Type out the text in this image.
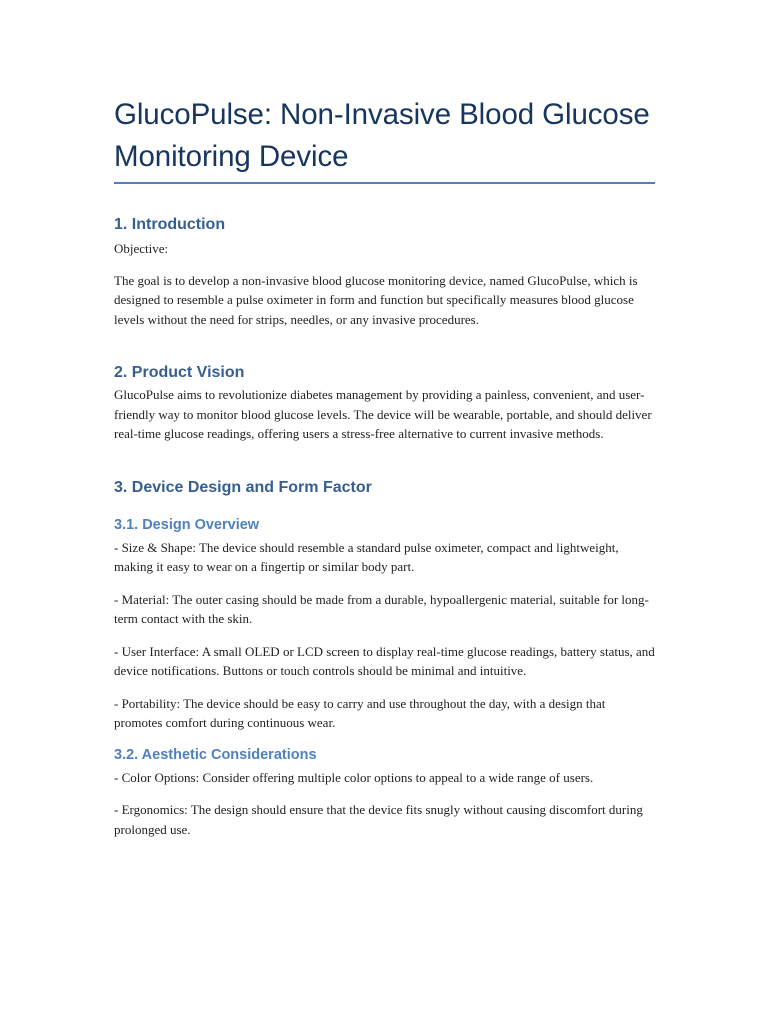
GlucoPulse: Non-Invasive Blood Glucose Monitoring Device
1. Introduction

Objective:

The goal is to develop a non-invasive blood glucose monitoring device, named GlucoPulse, which is designed to resemble a pulse oximeter in form and function but specifically measures blood glucose levels without the need for strips, needles, or any invasive procedures.

2. Product Vision

GlucoPulse aims to revolutionize diabetes management by providing a painless, convenient, and user-friendly way to monitor blood glucose levels. The device will be wearable, portable, and should deliver real-time glucose readings, offering users a stress-free alternative to current invasive methods.

3. Device Design and Form Factor
3.1. Design Overview

- Size & Shape: The device should resemble a standard pulse oximeter, compact and lightweight, making it easy to wear on a fingertip or similar body part.

- Material: The outer casing should be made from a durable, hypoallergenic material, suitable for long-term contact with the skin.

- User Interface: A small OLED or LCD screen to display real-time glucose readings, battery status, and device notifications. Buttons or touch controls should be minimal and intuitive.

- Portability: The device should be easy to carry and use throughout the day, with a design that promotes comfort during continuous wear.

3.2. Aesthetic Considerations

- Color Options: Consider offering multiple color options to appeal to a wide range of users.

- Ergonomics: The design should ensure that the device fits snugly without causing discomfort during prolonged use.
